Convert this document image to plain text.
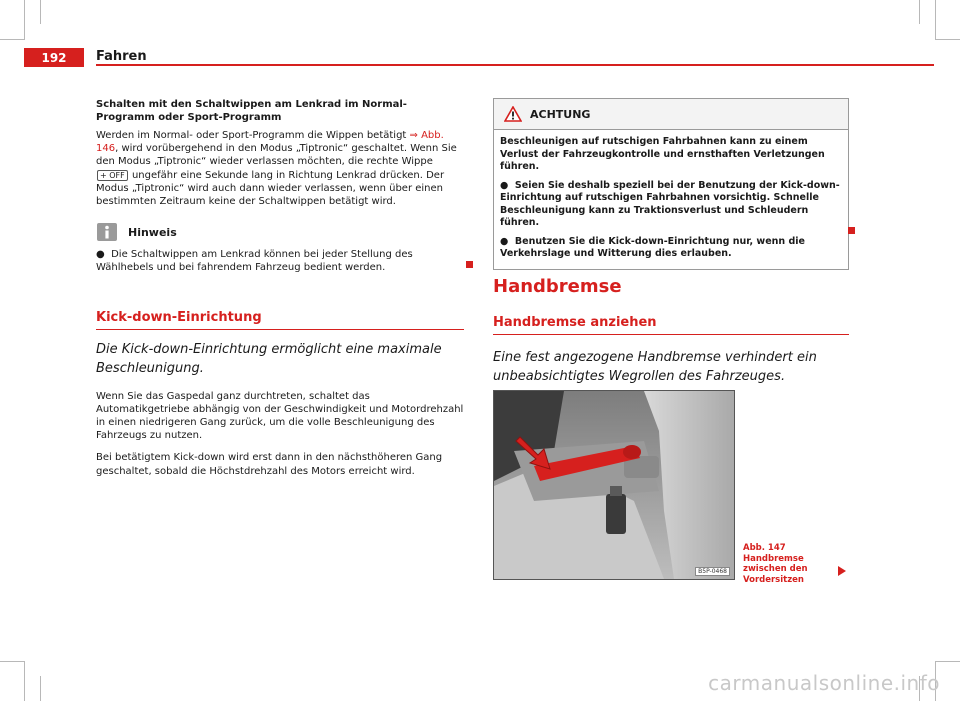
192	Fahren
Schalten mit den Schaltwippen am Lenkrad im Normal-Programm oder Sport-Programm

Werden im Normal- oder Sport-Programm die Wippen betätigt ⇒ Abb. 146, wird vorübergehend in den Modus „Tiptronic“ geschaltet. Wenn Sie den Modus „Tiptronic“ wieder verlassen möchten, die rechte Wippe + OFF ungefähr eine Sekunde lang in Richtung Lenkrad drücken. Der Modus „Tiptronic“ wird auch dann wieder verlassen, wenn über einen bestimmten Zeitraum keine der Schaltwippen betätigt wird.

Hinweis
●  Die Schaltwippen am Lenkrad können bei jeder Stellung des Wählhebels und bei fahrendem Fahrzeug bedient werden.
Kick-down-Einrichtung
Die Kick-down-Einrichtung ermöglicht eine maximale Beschleunigung.

Wenn Sie das Gaspedal ganz durchtreten, schaltet das Automatikgetriebe abhängig von der Geschwindigkeit und Motordrehzahl in einen niedrigeren Gang zurück, um die volle Beschleunigung des Fahrzeugs zu nutzen.

Bei betätigtem Kick-down wird erst dann in den nächsthöheren Gang geschaltet, sobald die Höchstdrehzahl des Motors erreicht wird.

ACHTUNG

Beschleunigen auf rutschigen Fahrbahnen kann zu einem Verlust der Fahrzeugkontrolle und ernsthaften Verletzungen führen.

●  Seien Sie deshalb speziell bei der Benutzung der Kick-down-Einrichtung auf rutschigen Fahrbahnen vorsichtig. Schnelle Beschleunigung kann zu Traktionsverlust und Schleudern führen.

●  Benutzen Sie die Kick-down-Einrichtung nur, wenn die Verkehrslage und Witterung dies erlauben.

Handbremse
Handbremse anziehen
Eine fest angezogene Handbremse verhindert ein unbeabsichtigtes Wegrollen des Fahrzeuges.
B5P-0468
Abb. 147 Handbremse zwischen den Vordersitzen
carmanualsonline.info
